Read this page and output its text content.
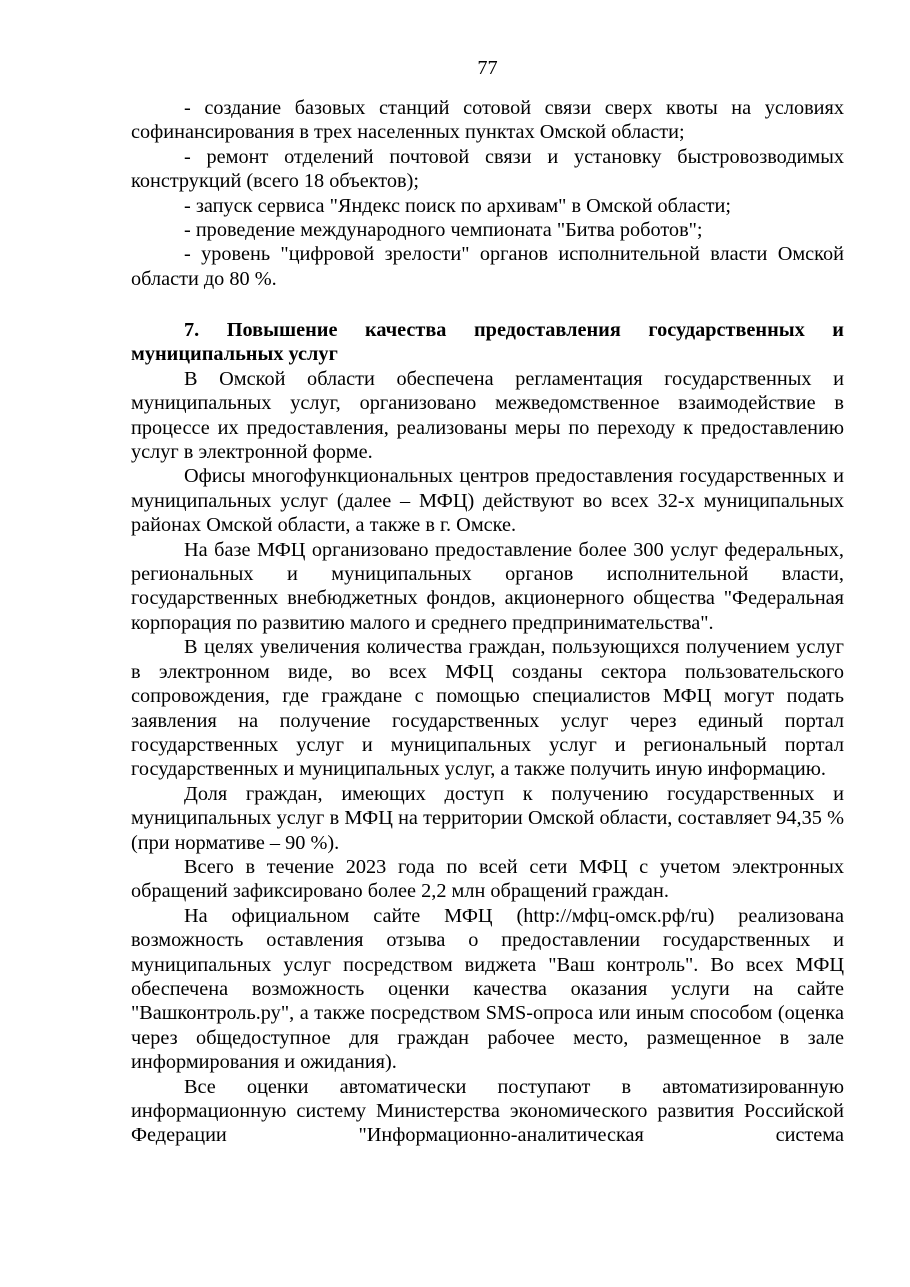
77

- создание базовых станций сотовой связи сверх квоты на условиях софинансирования в трех населенных пунктах Омской области;

- ремонт отделений почтовой связи и установку быстровозводимых конструкций (всего 18 объектов);

- запуск сервиса "Яндекс поиск по архивам" в Омской области;

- проведение международного чемпионата "Битва роботов";

- уровень "цифровой зрелости" органов исполнительной власти Омской области до 80 %.

7. Повышение качества предоставления государственных и муниципальных услуг

В Омской области обеспечена регламентация государственных и муниципальных услуг, организовано межведомственное взаимодействие в процессе их предоставления, реализованы меры по переходу к предоставлению услуг в электронной форме.

Офисы многофункциональных центров предоставления государственных и муниципальных услуг (далее – МФЦ) действуют во всех 32-х муниципальных районах Омской области, а также в г. Омске.

На базе МФЦ организовано предоставление более 300 услуг федеральных, региональных и муниципальных органов исполнительной власти, государственных внебюджетных фондов, акционерного общества "Федеральная корпорация по развитию малого и среднего предпринимательства".

В целях увеличения количества граждан, пользующихся получением услуг в электронном виде, во всех МФЦ созданы сектора пользовательского сопровождения, где граждане с помощью специалистов МФЦ могут подать заявления на получение государственных услуг через единый портал государственных услуг и муниципальных услуг и региональный портал государственных и муниципальных услуг, а также получить иную информацию.

Доля граждан, имеющих доступ к получению государственных и муниципальных услуг в МФЦ на территории Омской области, составляет 94,35 % (при нормативе – 90 %).

Всего в течение 2023 года по всей сети МФЦ с учетом электронных обращений зафиксировано более 2,2 млн обращений граждан.

На официальном сайте МФЦ (http://мфц-омск.рф/ru) реализована возможность оставления отзыва о предоставлении государственных и муниципальных услуг посредством виджета "Ваш контроль". Во всех МФЦ обеспечена возможность оценки качества оказания услуги на сайте "Вашконтроль.ру", а также посредством SMS-опроса или иным способом (оценка через общедоступное для граждан рабочее место, размещенное в зале информирования и ожидания).

Все оценки автоматически поступают в автоматизированную информационную систему Министерства экономического развития Российской Федерации "Информационно-аналитическая система
